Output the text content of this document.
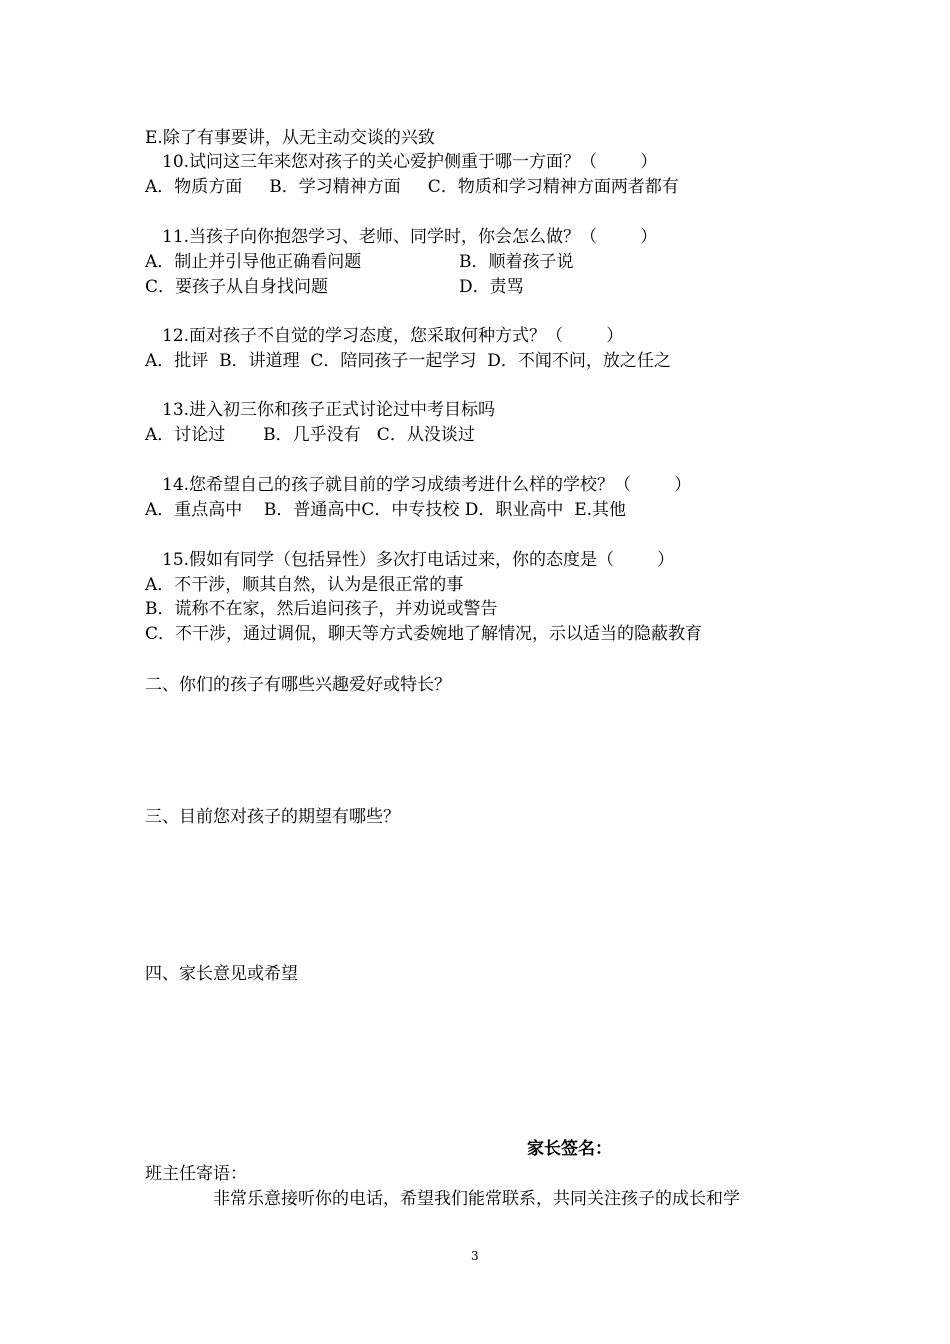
E.除了有事要讲，从无主动交谈的兴致
10.试问这三年来您对孩子的关心爱护侧重于哪一方面？（        ）
A．物质方面     B．学习精神方面     C．物质和学习精神方面两者都有
11.当孩子向你抱怨学习、老师、同学时，你会怎么做？（        ）
A．制止并引导他正确看问题	B．顺着孩子说
C．要孩子从自身找问题	D．责骂
12.面对孩子不自觉的学习态度，您采取何种方式？（        ）
A．批评  B．讲道理  C．陪同孩子一起学习  D．不闻不问，放之任之
13.进入初三你和孩子正式讨论过中考目标吗
A．讨论过       B．几乎没有   C．从没谈过
14.您希望自己的孩子就目前的学习成绩考进什么样的学校？（        ）
A．重点高中    B．普通高中C．中专技校 D．职业高中  E.其他
15.假如有同学（包括异性）多次打电话过来，你的态度是（        ）
A．不干涉，顺其自然，认为是很正常的事
B．谎称不在家，然后追问孩子，并劝说或警告
C．不干涉，通过调侃，聊天等方式委婉地了解情况，示以适当的隐蔽教育
二、你们的孩子有哪些兴趣爱好或特长？
三、目前您对孩子的期望有哪些？
四、家长意见或希望
家长签名：
班主任寄语：
非常乐意接听你的电话，希望我们能常联系，共同关注孩子的成长和学
3
